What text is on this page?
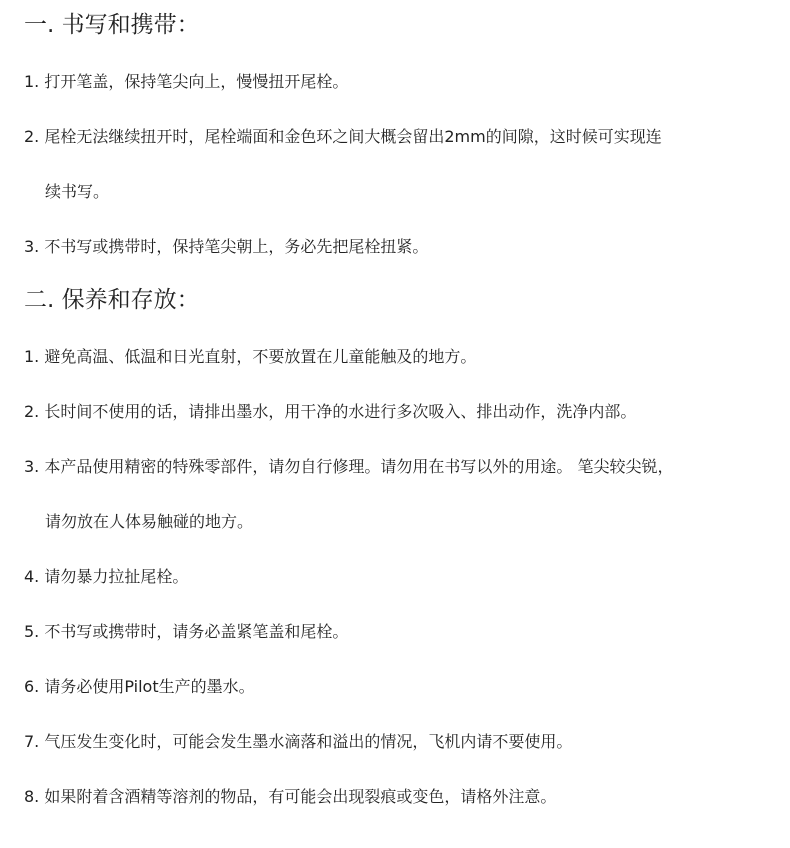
一. 书写和携带：
1. 打开笔盖，保持笔尖向上，慢慢扭开尾栓。
2. 尾栓无法继续扭开时，尾栓端面和金色环之间大概会留出2mm的间隙，这时候可实现连
续书写。
3. 不书写或携带时，保持笔尖朝上，务必先把尾栓扭紧。
二. 保养和存放：
1. 避免高温、低温和日光直射，不要放置在儿童能触及的地方。
2. 长时间不使用的话，请排出墨水，用干净的水进行多次吸入、排出动作，洗净内部。
3. 本产品使用精密的特殊零部件，请勿自行修理。请勿用在书写以外的用途。 笔尖较尖锐，
请勿放在人体易触碰的地方。
4. 请勿暴力拉扯尾栓。
5. 不书写或携带时，请务必盖紧笔盖和尾栓。
6. 请务必使用Pilot生产的墨水。
7. 气压发生变化时，可能会发生墨水滴落和溢出的情况，飞机内请不要使用。
8. 如果附着含酒精等溶剂的物品，有可能会出现裂痕或变色，请格外注意。
